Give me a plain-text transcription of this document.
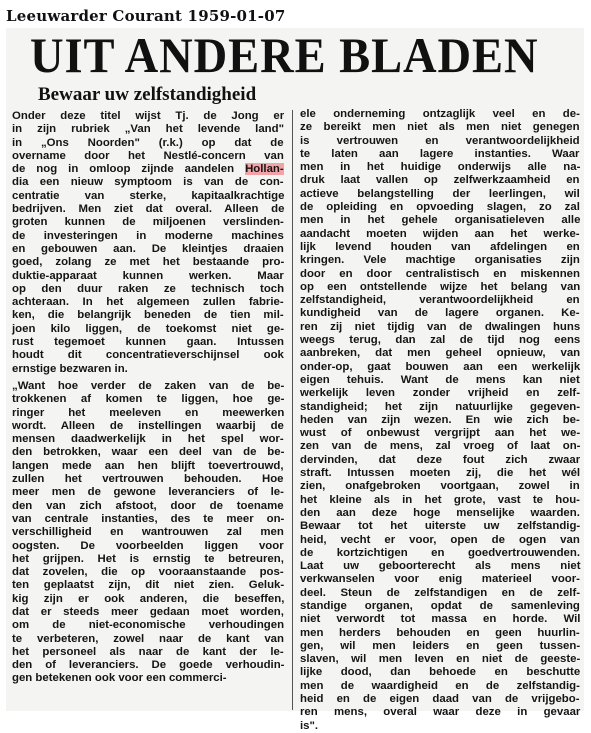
Leeuwarder Courant 1959-01-07
UIT ANDERE BLADEN
Bewaar uw zelfstandigheid
Onder deze titel wijst Tj. de Jong er
in zijn rubriek „Van het levende land"
in „Ons Noorden" (r.k.) op dat de
overname door het Nestlé-concern van
de nog in omloop zijnde aandelen Hollan-
dia een nieuw symptoom is van de con-
centratie van sterke, kapitaalkrachtige
bedrijven. Men ziet dat overal. Alleen de
groten kunnen de miljoenen verslinden-
de investeringen in moderne machines
en gebouwen aan. De kleintjes draaien
goed, zolang ze met het bestaande pro-
duktie-apparaat kunnen werken. Maar
op den duur raken ze technisch toch
achteraan. In het algemeen zullen fabrie-
ken, die belangrijk beneden de tien mil-
joen kilo liggen, de toekomst niet ge-
rust tegemoet kunnen gaan. Intussen
houdt dit concentratieverschijnsel ook
ernstige bezwaren in.
„Want hoe verder de zaken van de be-
trokkenen af komen te liggen, hoe ge-
ringer het meeleven en meewerken
wordt. Alleen de instellingen waarbij de
mensen daadwerkelijk in het spel wor-
den betrokken, waar een deel van de be-
langen mede aan hen blijft toevertrouwd,
zullen het vertrouwen behouden. Hoe
meer men de gewone leveranciers of le-
den van zich afstoot, door de toename
van centrale instanties, des te meer on-
verschilligheid en wantrouwen zal men
oogsten. De voorbeelden liggen voor
het grijpen. Het is ernstig te betreuren,
dat zovelen, die op vooraanstaande pos-
ten geplaatst zijn, dit niet zien. Geluk-
kig zijn er ook anderen, die beseffen,
dat er steeds meer gedaan moet worden,
om de niet-economische verhoudingen
te verbeteren, zowel naar de kant van
het personeel als naar de kant der le-
den of leveranciers. De goede verhoudin-
gen betekenen ook voor een commerci-
ele onderneming ontzaglijk veel en de-
ze bereikt men niet als men niet genegen
is vertrouwen en verantwoordelijkheid
te laten aan lagere instanties. Waar
men in het huidige onderwijs alle na-
druk laat vallen op zelfwerkzaamheid en
actieve belangstelling der leerlingen, wil
de opleiding en opvoeding slagen, zo zal
men in het gehele organisatieleven alle
aandacht moeten wijden aan het werke-
lijk levend houden van afdelingen en
kringen. Vele machtige organisaties zijn
door en door centralistisch en miskennen
op een ontstellende wijze het belang van
zelfstandigheid, verantwoordelijkheid en
kundigheid van de lagere organen. Ke-
ren zij niet tijdig van de dwalingen huns
weegs terug, dan zal de tijd nog eens
aanbreken, dat men geheel opnieuw, van
onder-op, gaat bouwen aan een werkelijk
eigen tehuis. Want de mens kan niet
werkelijk leven zonder vrijheid en zelf-
standigheid; het zijn natuurlijke gegeven-
heden van zijn wezen. En wie zich be-
wust of onbewust vergrijpt aan het we-
zen van de mens, zal vroeg of laat on-
dervinden, dat deze fout zich zwaar
straft. Intussen moeten zij, die het wél
zien, onafgebroken voortgaan, zowel in
het kleine als in het grote, vast te hou-
den aan deze hoge menselijke waarden.
Bewaar tot het uiterste uw zelfstandig-
heid, vecht er voor, open de ogen van
de kortzichtigen en goedvertrouwenden.
Laat uw geboorterecht als mens niet
verkwanselen voor enig materieel voor-
deel. Steun de zelfstandigen en de zelf-
standige organen, opdat de samenleving
niet verwordt tot massa en horde. Wil
men herders behouden en geen huurlin-
gen, wil men leiders en geen tussen-
slaven, wil men leven en niet de geeste-
lijke dood, dan behoede en beschutte
men de waardigheid en de zelfstandig-
heid en de eigen daad van de vrijgebo-
ren mens, overal waar deze in gevaar
is".
